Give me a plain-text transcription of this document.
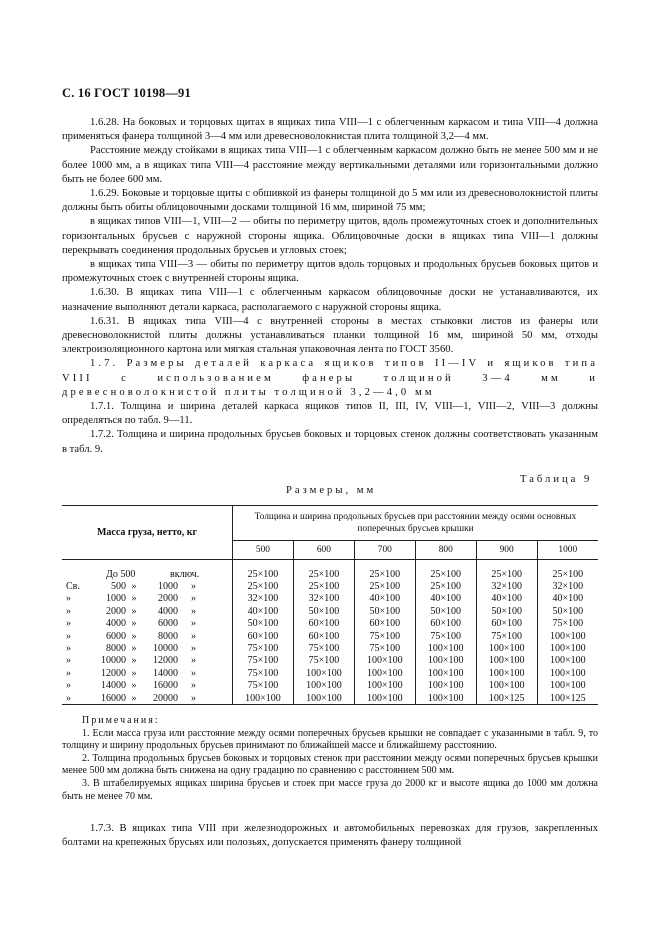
С. 16 ГОСТ 10198—91

1.6.28. На боковых и торцовых щитах в ящиках типа VIII—1 с облегченным каркасом и типа VIII—4 должна применяться фанера толщиной 3—4 мм или древесноволокнистая плита толщиной 3,2—4 мм.

Расстояние между стойками в ящиках типа VIII—1 с облегченным каркасом должно быть не менее 500 мм и не более 1000 мм, а в ящиках типа VIII—4 расстояние между вертикальными деталями или горизонтальными должно быть не более 600 мм.

1.6.29. Боковые и торцовые щиты с обшивкой из фанеры толщиной до 5 мм или из древесноволокнистой плиты должны быть обиты облицовочными досками толщиной 16 мм, шириной 75 мм;

в ящиках типов VIII—1, VIII—2 — обиты по периметру щитов, вдоль промежуточных стоек и дополнительных горизонтальных брусьев с наружной стороны ящика. Облицовочные доски в ящиках типа VIII—1 должны перекрывать соединения продольных брусьев и угловых стоек;

в ящиках типа VIII—3 — обиты по периметру щитов вдоль торцовых и продольных брусьев боковых щитов и промежуточных стоек с внутренней стороны ящика.

1.6.30. В ящиках типа VIII—1 с облегченным каркасом облицовочные доски не устанавливаются, их назначение выполняют детали каркаса, располагаемого с наружной стороны ящика.

1.6.31. В ящиках типа VIII—4 с внутренней стороны в местах стыковки листов из фанеры или древесноволокнистой плиты должны устанавливаться планки толщиной 16 мм, шириной 50 мм, отходы электроизоляционного картона или мягкая стальная упаковочная лента по ГОСТ 3560.

1.7. Размеры деталей каркаса ящиков типов II—IV и ящиков типа VIII с использованием фанеры толщиной 3—4 мм и древесноволокнистой плиты толщиной 3,2—4,0 мм

1.7.1. Толщина и ширина деталей каркаса ящиков типов II, III, IV, VIII—1, VIII—2, VIII—3 должны определяться по табл. 9—11.

1.7.2. Толщина и ширина продольных брусьев боковых и торцовых стенок должны соответствовать указанным в табл. 9.

Таблица 9
Размеры, мм
Масса груза, нетто, кг	Толщина и ширина продольных брусьев при расстоянии между осями основных поперечных брусьев крышки					
	500	600	700	800	900	1000
До 500 включ.	25×100	25×100	25×100	25×100	25×100	25×100
Св. 500 » 1000 »	25×100	25×100	25×100	25×100	32×100	32×100
» 1000 » 2000 »	32×100	32×100	40×100	40×100	40×100	40×100
» 2000 » 4000 »	40×100	50×100	50×100	50×100	50×100	50×100
» 4000 » 6000 »	50×100	60×100	60×100	60×100	60×100	75×100
» 6000 » 8000 »	60×100	60×100	75×100	75×100	75×100	100×100
» 8000 » 10000 »	75×100	75×100	75×100	100×100	100×100	100×100
» 10000 » 12000 »	75×100	75×100	100×100	100×100	100×100	100×100
» 12000 » 14000 »	75×100	100×100	100×100	100×100	100×100	100×100
» 14000 » 16000 »	75×100	100×100	100×100	100×100	100×100	100×100
» 16000 » 20000 »	100×100	100×100	100×100	100×100	100×125	100×125

Примечания:

1. Если масса груза или расстояние между осями поперечных брусьев крышки не совпадает с указанными в табл. 9, то толщину и ширину продольных брусьев принимают по ближайшей массе и ближайшему расстоянию.

2. Толщина продольных брусьев боковых и торцовых стенок при расстоянии между осями поперечных брусьев крышки менее 500 мм должна быть снижена на одну градацию по сравнению с расстоянием 500 мм.

3. В штабелируемых ящиках ширина брусьев и стоек при массе груза до 2000 кг и высоте ящика до 1000 мм должна быть не менее 70 мм.

1.7.3. В ящиках типа VIII при железнодорожных и автомобильных перевозках для грузов, закрепленных болтами на крепежных брусьях или полозьях, допускается применять фанеру толщиной
